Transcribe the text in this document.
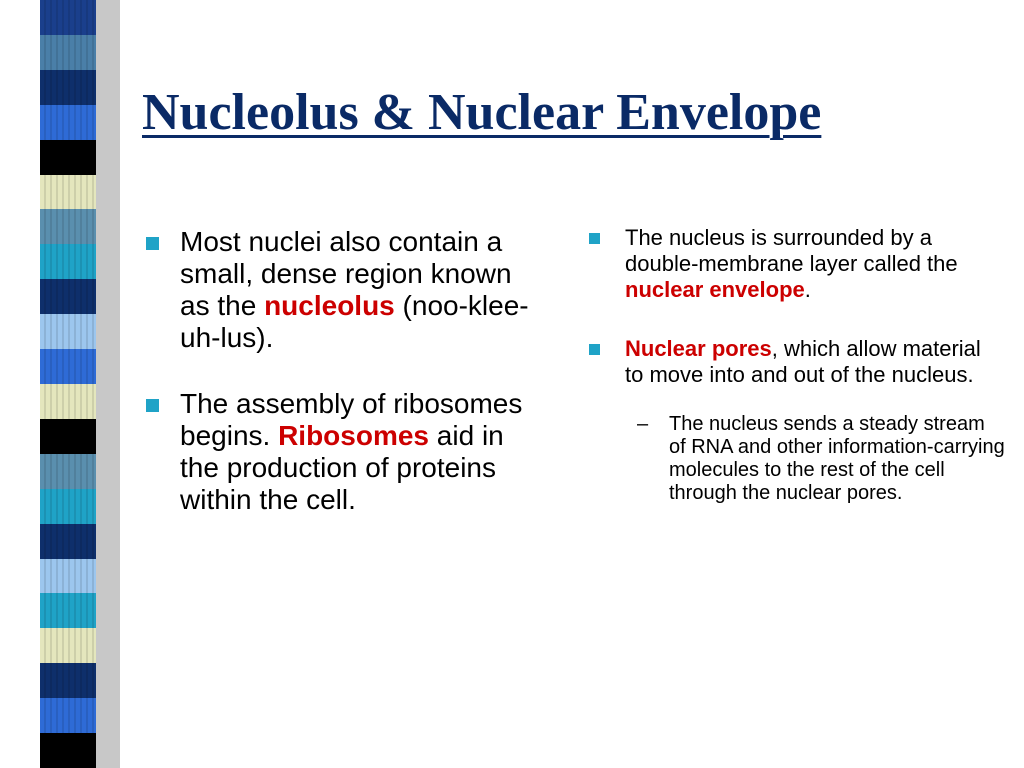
Nucleolus & Nuclear Envelope
Most nuclei also contain a small, dense region known as the nucleolus (noo-klee-uh-lus).
The assembly of ribosomes begins. Ribosomes aid in the production of proteins within the cell.
The nucleus is surrounded by a double-membrane layer called the nuclear envelope.
Nuclear pores, which allow material to move into and out of the nucleus.
– The nucleus sends a steady stream of RNA and other information-carrying molecules to the rest of the cell through the nuclear pores.
